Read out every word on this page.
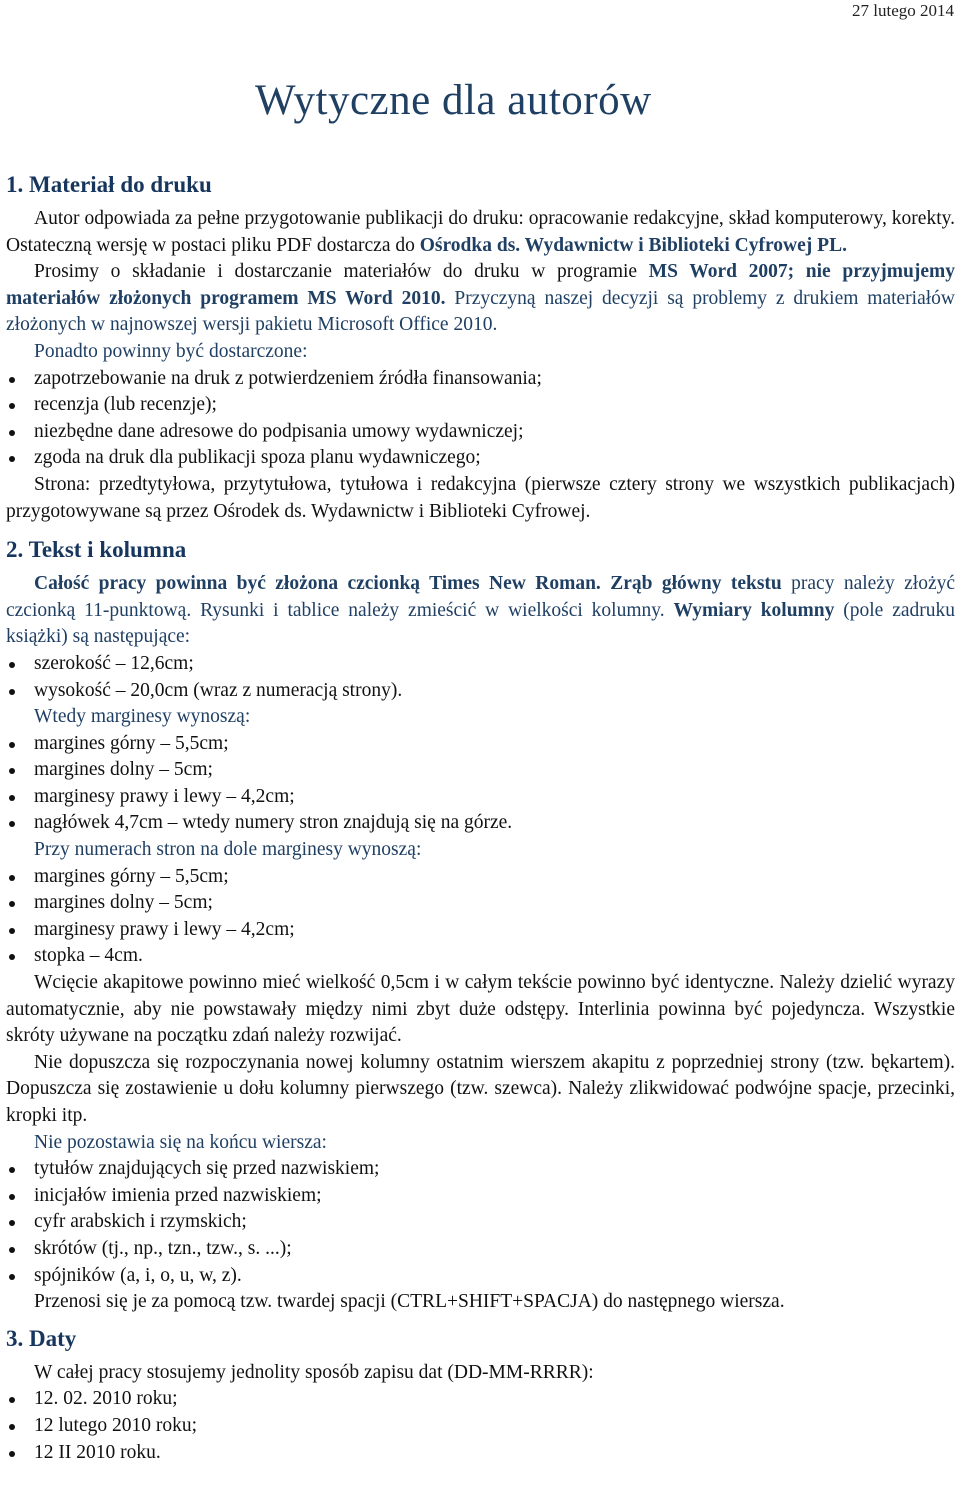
27 lutego 2014
Wytyczne dla autorów
1. Materiał do druku

Autor odpowiada za pełne przygotowanie publikacji do druku: opracowanie redakcyjne, skład komputerowy, korekty. Ostateczną wersję w postaci pliku PDF dostarcza do Ośrodka ds. Wydawnictw i Biblioteki Cyfrowej PL.

Prosimy o składanie i dostarczanie materiałów do druku w programie MS Word 2007; nie przyjmujemy materiałów złożonych programem MS Word 2010. Przyczyną naszej decyzji są problemy z drukiem materiałów złożonych w najnowszej wersji pakietu Microsoft Office 2010.

Ponadto powinny być dostarczone:

zapotrzebowanie na druk z potwierdzeniem źródła finansowania;
recenzja (lub recenzje);
niezbędne dane adresowe do podpisania umowy wydawniczej;
zgoda na druk dla publikacji spoza planu wydawniczego;

Strona: przedtytyłowa, przytytułowa, tytułowa i redakcyjna (pierwsze cztery strony we wszystkich publikacjach) przygotowywane są przez Ośrodek ds. Wydawnictw i Biblioteki Cyfrowej.

2. Tekst i kolumna

Całość pracy powinna być złożona czcionką Times New Roman. Zrąb główny tekstu pracy należy złożyć czcionką 11-punktową. Rysunki i tablice należy zmieścić w wielkości kolumny. Wymiary kolumny (pole zadruku książki) są następujące:

szerokość – 12,6cm;
wysokość – 20,0cm (wraz z numeracją strony).

Wtedy marginesy wynoszą:

margines górny – 5,5cm;
margines dolny – 5cm;
marginesy prawy i lewy – 4,2cm;
nagłówek 4,7cm – wtedy numery stron znajdują się na górze.

Przy numerach stron na dole marginesy wynoszą:

margines górny – 5,5cm;
margines dolny – 5cm;
marginesy prawy i lewy – 4,2cm;
stopka – 4cm.

Wcięcie akapitowe powinno mieć wielkość 0,5cm i w całym tekście powinno być identyczne. Należy dzielić wyrazy automatycznie, aby nie powstawały między nimi zbyt duże odstępy. Interlinia powinna być pojedyncza. Wszystkie skróty używane na początku zdań należy rozwijać.

Nie dopuszcza się rozpoczynania nowej kolumny ostatnim wierszem akapitu z poprzedniej strony (tzw. bękartem). Dopuszcza się zostawienie u dołu kolumny pierwszego (tzw. szewca). Należy zlikwidować podwójne spacje, przecinki, kropki itp.

Nie pozostawia się na końcu wiersza:

tytułów znajdujących się przed nazwiskiem;
inicjałów imienia przed nazwiskiem;
cyfr arabskich i rzymskich;
skrótów (tj., np., tzn., tzw., s. ...);
spójników (a, i, o, u, w, z).

Przenosi się je za pomocą tzw. twardej spacji (CTRL+SHIFT+SPACJA) do następnego wiersza.

3. Daty

W całej pracy stosujemy jednolity sposób zapisu dat (DD-MM-RRRR):

12. 02. 2010 roku;
12 lutego 2010 roku;
12 II 2010 roku.
